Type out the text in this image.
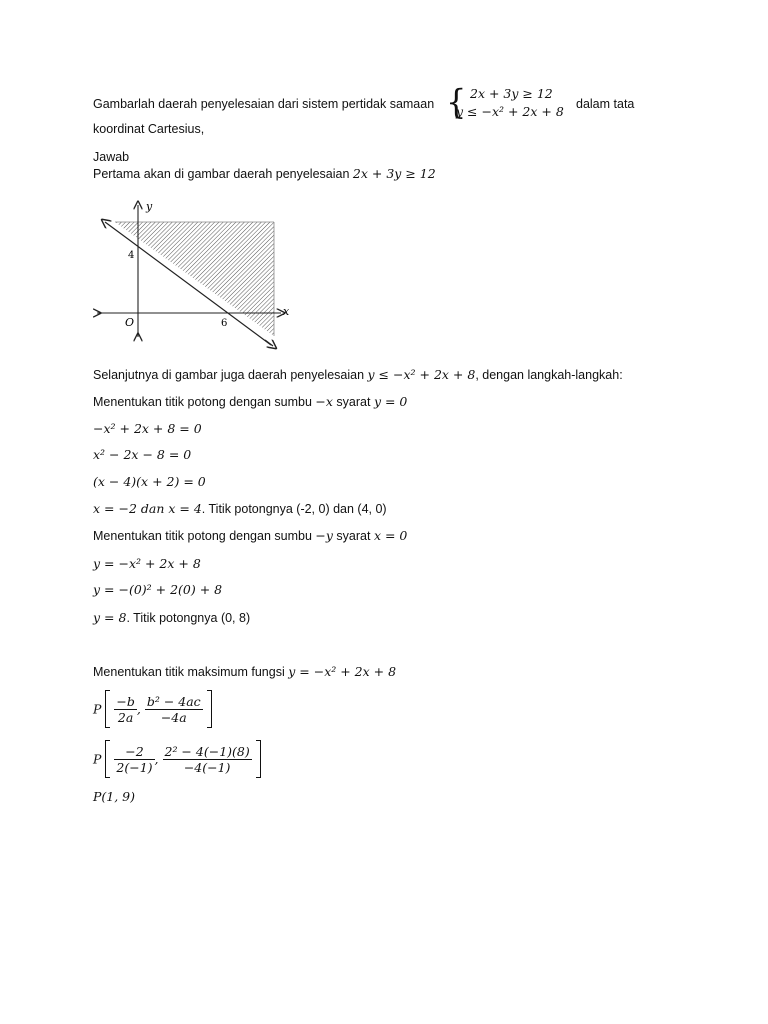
Gambarlah daerah penyelesaian dari sistem pertidak samaan { 2x + 3y ≥ 12
y ≤ −x² + 2x + 8 dalam tata
koordinat Cartesius,
Jawab
Pertama akan di gambar daerah penyelesaian 2x + 3y ≥ 12
y
x
O
4
6
Selanjutnya di gambar juga daerah penyelesaian y ≤ −x² + 2x + 8, dengan langkah-langkah:
Menentukan titik potong dengan sumbu −x syarat y = 0
−x² + 2x + 8 = 0
x² − 2x − 8 = 0
(x − 4)(x + 2) = 0
x = −2 dan x = 4. Titik potongnya (-2, 0) dan (4, 0)
Menentukan titik potong dengan sumbu −y syarat x = 0
y = −x² + 2x + 8
y = −(0)² + 2(0) + 8
y = 8. Titik potongnya (0, 8)
Menentukan titik maksimum fungsi y = −x² + 2x + 8
P $\frac{-b}{2a}$ , $\frac{\text{b² − 4ac}}{-4a}$

P $\frac{-2}{2(-1)}$ , $\frac{\text{2² − 4(−1)(8)}}{-4(-1)}$

P(1, 9)
